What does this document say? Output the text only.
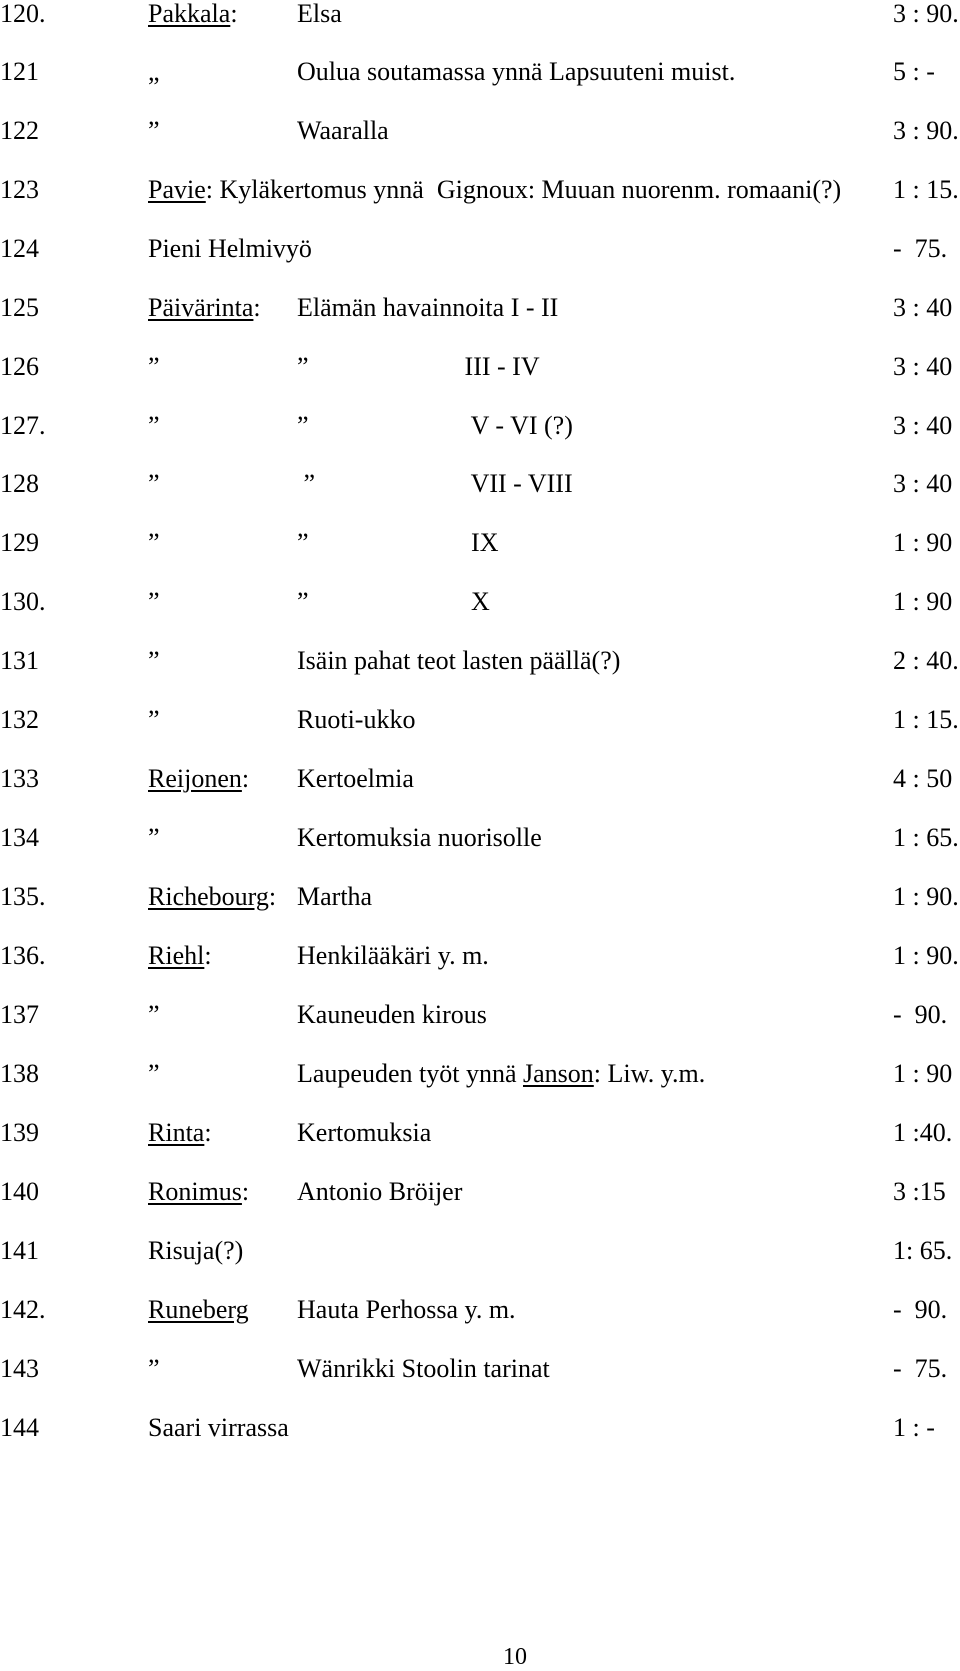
120.	Pakkala: Elsa	3 : 90.
121	„	Oulua soutamassa ynnä Lapsuuteni muist.	5 : -
122	”	Waaralla	3 : 90.
123	Pavie: Kyläkertomus ynnä  Gignoux: Muuan nuorenm. romaani(?) 1 : 15.
124	Pieni Helmivyö	-  75.
125	Päivärinta: Elämän havainnoita I - II	3 : 40
126	”	”                        III - IV	3 : 40
127.	”	”                         V - VI (?)	3 : 40
128	”	”                        VII - VIII	3 : 40
129	”	”                         IX	1 : 90
130.	”	”                         X	1 : 90
131	”	Isäin pahat teot lasten päällä(?)	2 : 40.
132	”	Ruoti-ukko	1 : 15.
133	Reijonen: Kertoelmia	4 : 50
134	”	Kertomuksia nuorisolle	1 : 65.
135.	Richebourg: Martha	1 : 90.
136.	Riehl:	Henkilääkäri y. m.	1 : 90.
137	”	Kauneuden kirous	-  90.
138	”	Laupeuden työt ynnä Janson: Liw. y.m.	1 : 90
139	Rinta:	Kertomuksia	1 :40.
140	Ronimus: Antonio Bröijer	3 :15
141	Risuja(?)	1: 65.
142.	Runeberg Hauta Perhossa y. m.	-  90.
143	”	Wänrikki Stoolin tarinat	-  75.
144	Saari virrassa	1 : -
10
